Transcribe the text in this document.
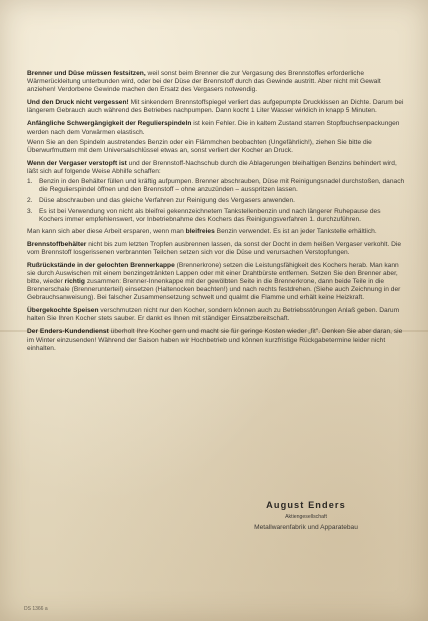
Brenner und Düse müssen festsitzen, weil sonst beim Brenner die zur Vergasung des Brennstoffes erforderliche Wärmerückleitung unterbunden wird, oder bei der Düse der Brennstoff durch das Gewinde austritt. Aber nicht mit Gewalt anziehen! Verdorbene Gewinde machen den Ersatz des Vergasers notwendig.

Und den Druck nicht vergessen! Mit sinkendem Brennstoffspiegel verliert das aufgepumpte Druckkissen an Dichte. Darum bei längerem Gebrauch auch während des Betriebes nachpumpen. Dann kocht 1 Liter Wasser wirklich in knapp 5 Minuten.

Anfängliche Schwergängigkeit der Regulierspindeln ist kein Fehler. Die in kaltem Zustand starren Stopfbuchsenpackungen werden nach dem Vorwärmen elastisch.

Wenn Sie an den Spindeln austretendes Benzin oder ein Flämmchen beobachten (Ungefährlich!), ziehen Sie bitte die Überwurfmuttern mit dem Universalschlüssel etwas an, sonst verliert der Kocher an Druck.

Wenn der Vergaser verstopft ist und der Brennstoff-Nachschub durch die Ablagerungen bleihaltigen Benzins behindert wird, läßt sich auf folgende Weise Abhilfe schaffen:

1. Benzin in den Behälter füllen und kräftig aufpumpen. Brenner abschrauben, Düse mit Reinigungsnadel durchstoßen, danach die Regulierspindel öffnen und den Brennstoff – ohne anzuzünden – ausspritzen lassen.
2. Düse abschrauben und das gleiche Verfahren zur Reinigung des Vergasers anwenden.
3. Es ist bei Verwendung von nicht als bleifrei gekennzeichnetem Tankstellenbenzin und nach längerer Ruhepause des Kochers immer empfehlenswert, vor Inbetriebnahme des Kochers das Reinigungsverfahren 1. durchzuführen.

Man kann sich aber diese Arbeit ersparen, wenn man bleifreies Benzin verwendet. Es ist an jeder Tankstelle erhältlich.

Brennstoffbehälter nicht bis zum letzten Tropfen ausbrennen lassen, da sonst der Docht in dem heißen Vergaser verkohlt. Die vom Brennstoff losgerissenen verbrannten Teilchen setzen sich vor die Düse und verursachen Verstopfungen.

Rußrückstände in der gelochten Brennerkappe (Brennerkrone) setzen die Leistungsfähigkeit des Kochers herab. Man kann sie durch Auswischen mit einem benzingetränkten Lappen oder mit einer Drahtbürste entfernen. Setzen Sie den Brenner aber, bitte, wieder richtig zusammen: Brenner-Innenkappe mit der gewölbten Seite in die Brennerkrone, dann beide Teile in die Brennerschale (Brennerunterteil) einsetzen (Haltenocken beachten!) und nach rechts festdrehen. (Siehe auch Zeichnung in der Gebrauchsanweisung). Bei falscher Zusammensetzung schwelt und qualmt die Flamme und erhält keine Heizkraft.

Übergekochte Speisen verschmutzen nicht nur den Kocher, sondern können auch zu Betriebsstörungen Anlaß geben. Darum halten Sie Ihren Kocher stets sauber. Er dankt es Ihnen mit ständiger Einsatzbereitschaft.

Der Enders-Kundendienst überholt Ihre Kocher gern und macht sie für geringe Kosten wieder „fit". Denken Sie aber daran, sie im Winter einzusenden! Während der Saison haben wir Hochbetrieb und können kurzfristige Rückgabetermine leider nicht einhalten.

August Enders
Aktiengesellschaft
Metallwarenfabrik und Apparatebau
DS 1366 a
